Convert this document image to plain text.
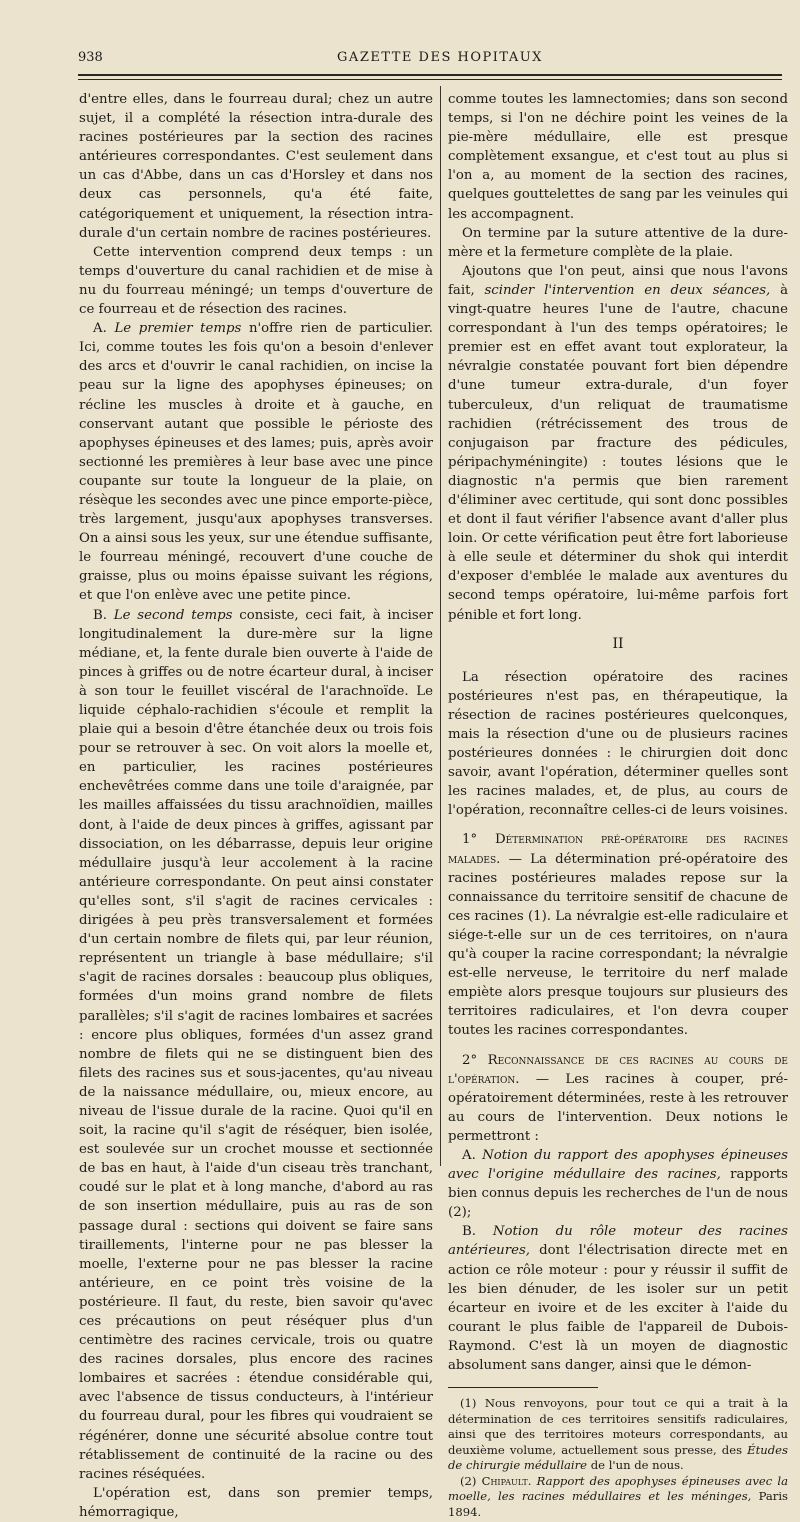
938	GAZETTE DES HOPITAUX

d'entre elles, dans le fourreau dural; chez un autre sujet, il a complété la résection intra-durale des racines postérieures par la section des racines antérieures correspondantes. C'est seulement dans un cas d'Abbe, dans un cas d'Horsley et dans nos deux cas personnels, qu'a été faite, catégoriquement et uniquement, la résection intra-durale d'un certain nombre de racines postérieures.

Cette intervention comprend deux temps : un temps d'ouverture du canal rachidien et de mise à nu du fourreau méningé; un temps d'ouverture de ce fourreau et de résection des racines.

A. Le premier temps n'offre rien de particulier. Ici, comme toutes les fois qu'on a besoin d'enlever des arcs et d'ouvrir le canal rachidien, on incise la peau sur la ligne des apophyses épineuses; on récline les muscles à droite et à gauche, en conservant autant que possible le périoste des apophyses épineuses et des lames; puis, après avoir sectionné les premières à leur base avec une pince coupante sur toute la longueur de la plaie, on résèque les secondes avec une pince emporte-pièce, très largement, jusqu'aux apophyses transverses. On a ainsi sous les yeux, sur une étendue suffisante, le fourreau méningé, recouvert d'une couche de graisse, plus ou moins épaisse suivant les régions, et que l'on enlève avec une petite pince.

B. Le second temps consiste, ceci fait, à inciser longitudinalement la dure-mère sur la ligne médiane, et, la fente durale bien ouverte à l'aide de pinces à griffes ou de notre écarteur dural, à inciser à son tour le feuillet viscéral de l'arachnoïde. Le liquide céphalo-rachidien s'écoule et remplit la plaie qui a besoin d'être étanchée deux ou trois fois pour se retrouver à sec. On voit alors la moelle et, en particulier, les racines postérieures enchevêtrées comme dans une toile d'araignée, par les mailles affaissées du tissu arachnoïdien, mailles dont, à l'aide de deux pinces à griffes, agissant par dissociation, on les débarrasse, depuis leur origine médullaire jusqu'à leur accolement à la racine antérieure correspondante. On peut ainsi constater qu'elles sont, s'il s'agit de racines cervicales : dirigées à peu près transversalement et formées d'un certain nombre de filets qui, par leur réunion, représentent un triangle à base médullaire; s'il s'agit de racines dorsales : beaucoup plus obliques, formées d'un moins grand nombre de filets parallèles; s'il s'agit de racines lombaires et sacrées : encore plus obliques, formées d'un assez grand nombre de filets qui ne se distinguent bien des filets des racines sus et sous-jacentes, qu'au niveau de la naissance médullaire, ou, mieux encore, au niveau de l'issue durale de la racine. Quoi qu'il en soit, la racine qu'il s'agit de réséquer, bien isolée, est soulevée sur un crochet mousse et sectionnée de bas en haut, à l'aide d'un ciseau très tranchant, coudé sur le plat et à long manche, d'abord au ras de son insertion médullaire, puis au ras de son passage dural : sections qui doivent se faire sans tiraillements, l'interne pour ne pas blesser la moelle, l'externe pour ne pas blesser la racine antérieure, en ce point très voisine de la postérieure. Il faut, du reste, bien savoir qu'avec ces précautions on peut réséquer plus d'un centimètre des racines cervicale, trois ou quatre des racines dorsales, plus encore des racines lombaires et sacrées : étendue considérable qui, avec l'absence de tissus conducteurs, à l'intérieur du fourreau dural, pour les fibres qui voudraient se régénérer, donne une sécurité absolue contre tout rétablissement de continuité de la racine ou des racines réséquées.

L'opération est, dans son premier temps, hémorragique,

comme toutes les lamnectomies; dans son second temps, si l'on ne déchire point les veines de la pie-mère médullaire, elle est presque complètement exsangue, et c'est tout au plus si l'on a, au moment de la section des racines, quelques gouttelettes de sang par les veinules qui les accompagnent.

On termine par la suture attentive de la dure-mère et la fermeture complète de la plaie.

Ajoutons que l'on peut, ainsi que nous l'avons fait, scinder l'intervention en deux séances, à vingt-quatre heures l'une de l'autre, chacune correspondant à l'un des temps opératoires; le premier est en effet avant tout explorateur, la névralgie constatée pouvant fort bien dépendre d'une tumeur extra-durale, d'un foyer tuberculeux, d'un reliquat de traumatisme rachidien (rétrécissement des trous de conjugaison par fracture des pédicules, péripachyméningite) : toutes lésions que le diagnostic n'a permis que bien rarement d'éliminer avec certitude, qui sont donc possibles et dont il faut vérifier l'absence avant d'aller plus loin. Or cette vérification peut être fort laborieuse à elle seule et déterminer du shok qui interdit d'exposer d'emblée le malade aux aventures du second temps opératoire, lui-même parfois fort pénible et fort long.

II

La résection opératoire des racines postérieures n'est pas, en thérapeutique, la résection de racines postérieures quelconques, mais la résection d'une ou de plusieurs racines postérieures données : le chirurgien doit donc savoir, avant l'opération, déterminer quelles sont les racines malades, et, de plus, au cours de l'opération, reconnaître celles-ci de leurs voisines.

1° Détermination pré-opératoire des racines malades. — La détermination pré-opératoire des racines postérieures malades repose sur la connaissance du territoire sensitif de chacune de ces racines (1). La névralgie est-elle radiculaire et siége-t-elle sur un de ces territoires, on n'aura qu'à couper la racine correspondant; la névralgie est-elle nerveuse, le territoire du nerf malade empiète alors presque toujours sur plusieurs des territoires radiculaires, et l'on devra couper toutes les racines correspondantes.

2° Reconnaissance de ces racines au cours de l'opération. — Les racines à couper, pré-opératoirement déterminées, reste à les retrouver au cours de l'intervention. Deux notions le permettront :

A. Notion du rapport des apophyses épineuses avec l'origine médullaire des racines, rapports bien connus depuis les recherches de l'un de nous (2);

B. Notion du rôle moteur des racines antérieures, dont l'électrisation directe met en action ce rôle moteur : pour y réussir il suffit de les bien dénuder, de les isoler sur un petit écarteur en ivoire et de les exciter à l'aide du courant le plus faible de l'appareil de Dubois-Raymond. C'est là un moyen de diagnostic absolument sans danger, ainsi que le démon-

(1) Nous renvoyons, pour tout ce qui a trait à la détermination de ces territoires sensitifs radiculaires, ainsi que des territoires moteurs correspondants, au deuxième volume, actuellement sous presse, des Études de chirurgie médullaire de l'un de nous.

(2) Chipault. Rapport des apophyses épineuses avec la moelle, les racines médullaires et les méninges, Paris 1894.
